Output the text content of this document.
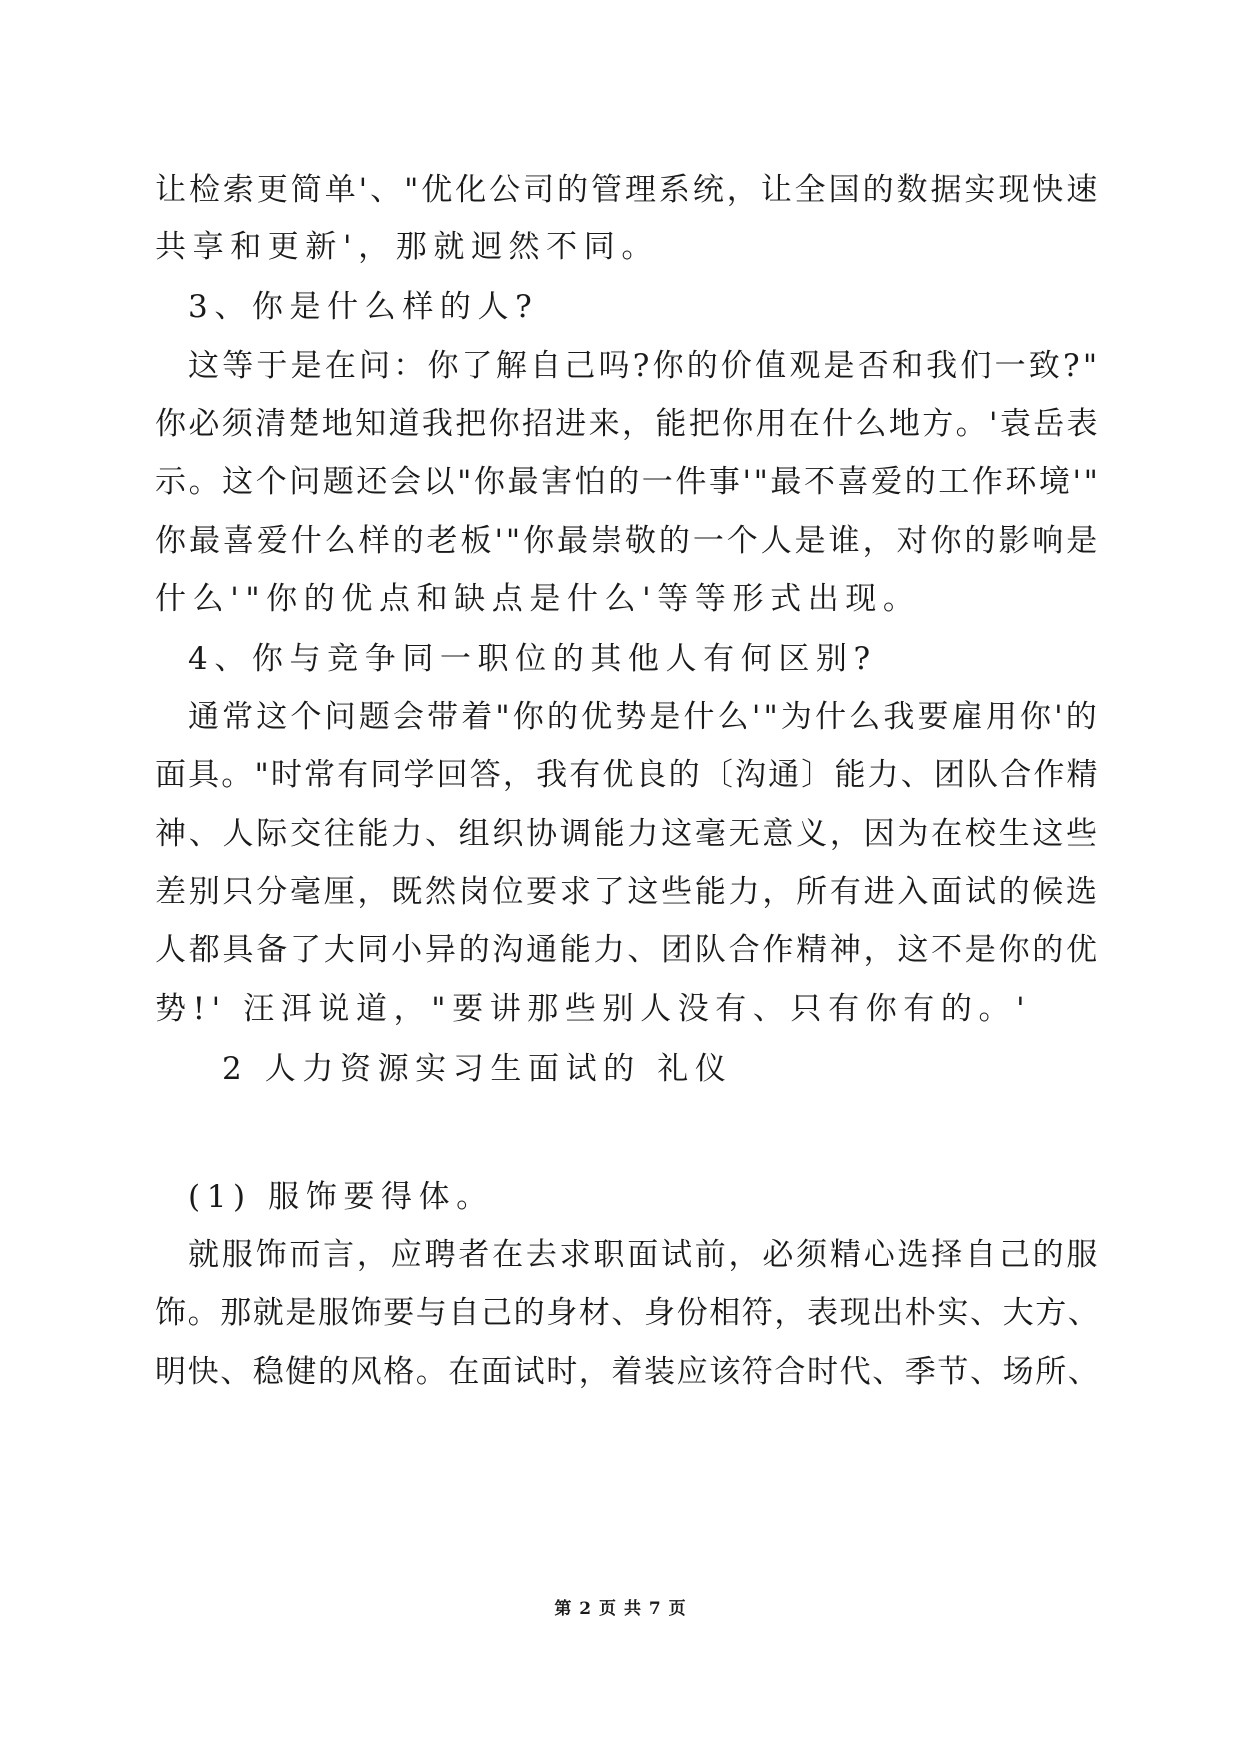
让检索更简单'、"优化公司的管理系统，让全国的数据实现快速
共享和更新'，那就迥然不同。
3、你是什么样的人?
这等于是在问：你了解自己吗?你的价值观是否和我们一致?"
你必须清楚地知道我把你招进来，能把你用在什么地方。'袁岳表
示。这个问题还会以"你最害怕的一件事'"最不喜爱的工作环境'"
你最喜爱什么样的老板'"你最崇敬的一个人是谁，对你的影响是
什么'"你的优点和缺点是什么'等等形式出现。
4、你与竞争同一职位的其他人有何区别?
通常这个问题会带着"你的优势是什么'"为什么我要雇用你'的
面具。"时常有同学回答，我有优良的〔沟通〕能力、团队合作精
神、人际交往能力、组织协调能力这毫无意义，因为在校生这些
差别只分毫厘，既然岗位要求了这些能力，所有进入面试的候选
人都具备了大同小异的沟通能力、团队合作精神，这不是你的优
势!' 汪洱说道，"要讲那些别人没有、只有你有的。'
2 人力资源实习生面试的 礼仪
(1) 服饰要得体。
就服饰而言，应聘者在去求职面试前，必须精心选择自己的服
饰。那就是服饰要与自己的身材、身份相符，表现出朴实、大方、
明快、稳健的风格。在面试时，着装应该符合时代、季节、场所、
第 2 页 共 7 页
